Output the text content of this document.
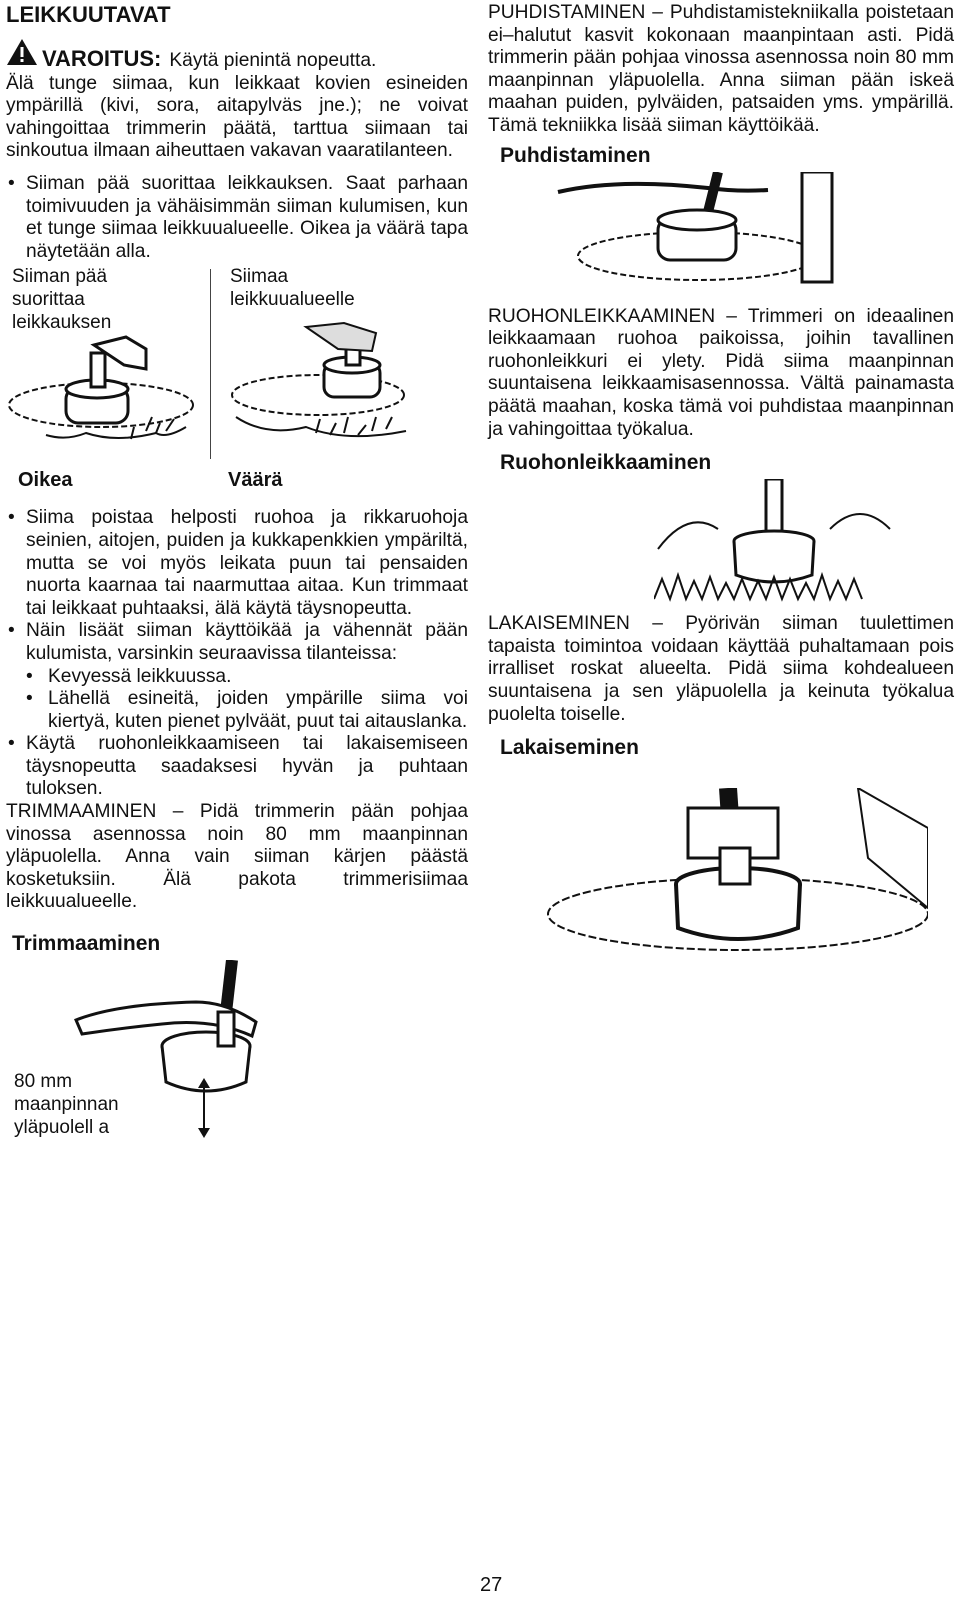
LEIKKUUTAVAT

VAROITUS: Käytä pienintä nopeutta.

Älä tunge siimaa, kun leikkaat kovien esineiden ympärillä (kivi, sora, aitapylväs jne.); ne voivat vahingoittaa trimmerin päätä, tarttua siimaan tai sinkoutua ilmaan aiheuttaen vakavan vaaratilanteen.

• Siiman pää suorittaa leikkauksen. Saat parhaan toimivuuden ja vähäisimmän siiman kulumisen, kun et tunge siimaa leikkuualueelle. Oikea ja väärä tapa näytetään alla.

Siiman pää suorittaa leikkauksen

Siimaa leikkuualueelle

Oikea	Väärä

• Siima poistaa helposti ruohoa ja rikkaruohoja seinien, aitojen, puiden ja kukkapenkkien ympäriltä, mutta se voi myös leikata puun tai pensaiden nuorta kaarnaa tai naarmuttaa aitaa. Kun trimmaat tai leikkaat puhtaaksi, älä käytä täysnopeutta.

• Näin lisäät siiman käyttöikää ja vähennät pään kulumista, varsinkin seuraavissa tilanteissa:

• Kevyessä leikkuussa.

• Lähellä esineitä, joiden ympärille siima voi kiertyä, kuten pienet pylväät, puut tai aitauslanka.

• Käytä ruohonleikkaamiseen tai lakaisemiseen täysnopeutta saadaksesi hyvän ja puhtaan tuloksen.

TRIMMAAMINEN – Pidä trimmerin pään pohjaa vinossa asennossa noin 80 mm maanpinnan yläpuolella. Anna vain siiman kärjen päästä kosketuksiin. Älä pakota trimmerisiimaa leikkuualueelle.

Trimmaaminen

80 mm

maanpinnan

yläpuolell a

PUHDISTAMINEN – Puhdistamistekniikalla poistetaan ei–halutut kasvit kokonaan maanpintaan asti. Pidä trimmerin pään pohjaa vinossa asennossa noin 80 mm maanpinnan yläpuolella. Anna siiman pään iskeä maahan puiden, pylväiden, patsaiden yms. ympärillä. Tämä tekniikka lisää siiman käyttöikää.

Puhdistaminen

RUOHONLEIKKAAMINEN – Trimmeri on ideaalinen leikkaamaan ruohoa paikoissa, joihin tavallinen ruohonleikkuri ei ylety. Pidä siima maanpinnan suuntaisena leikkaamisasennossa. Vältä painamasta päätä maahan, koska tämä voi puhdistaa maanpinnan ja vahingoittaa työkalua.

Ruohonleikkaaminen

LAKAISEMINEN – Pyörivän siiman tuulettimen tapaista toimintoa voidaan käyttää puhaltamaan pois irralliset roskat alueelta. Pidä siima kohdealueen suuntaisena ja sen yläpuolella ja keinuta työkalua puolelta toiselle.

Lakaiseminen

27
